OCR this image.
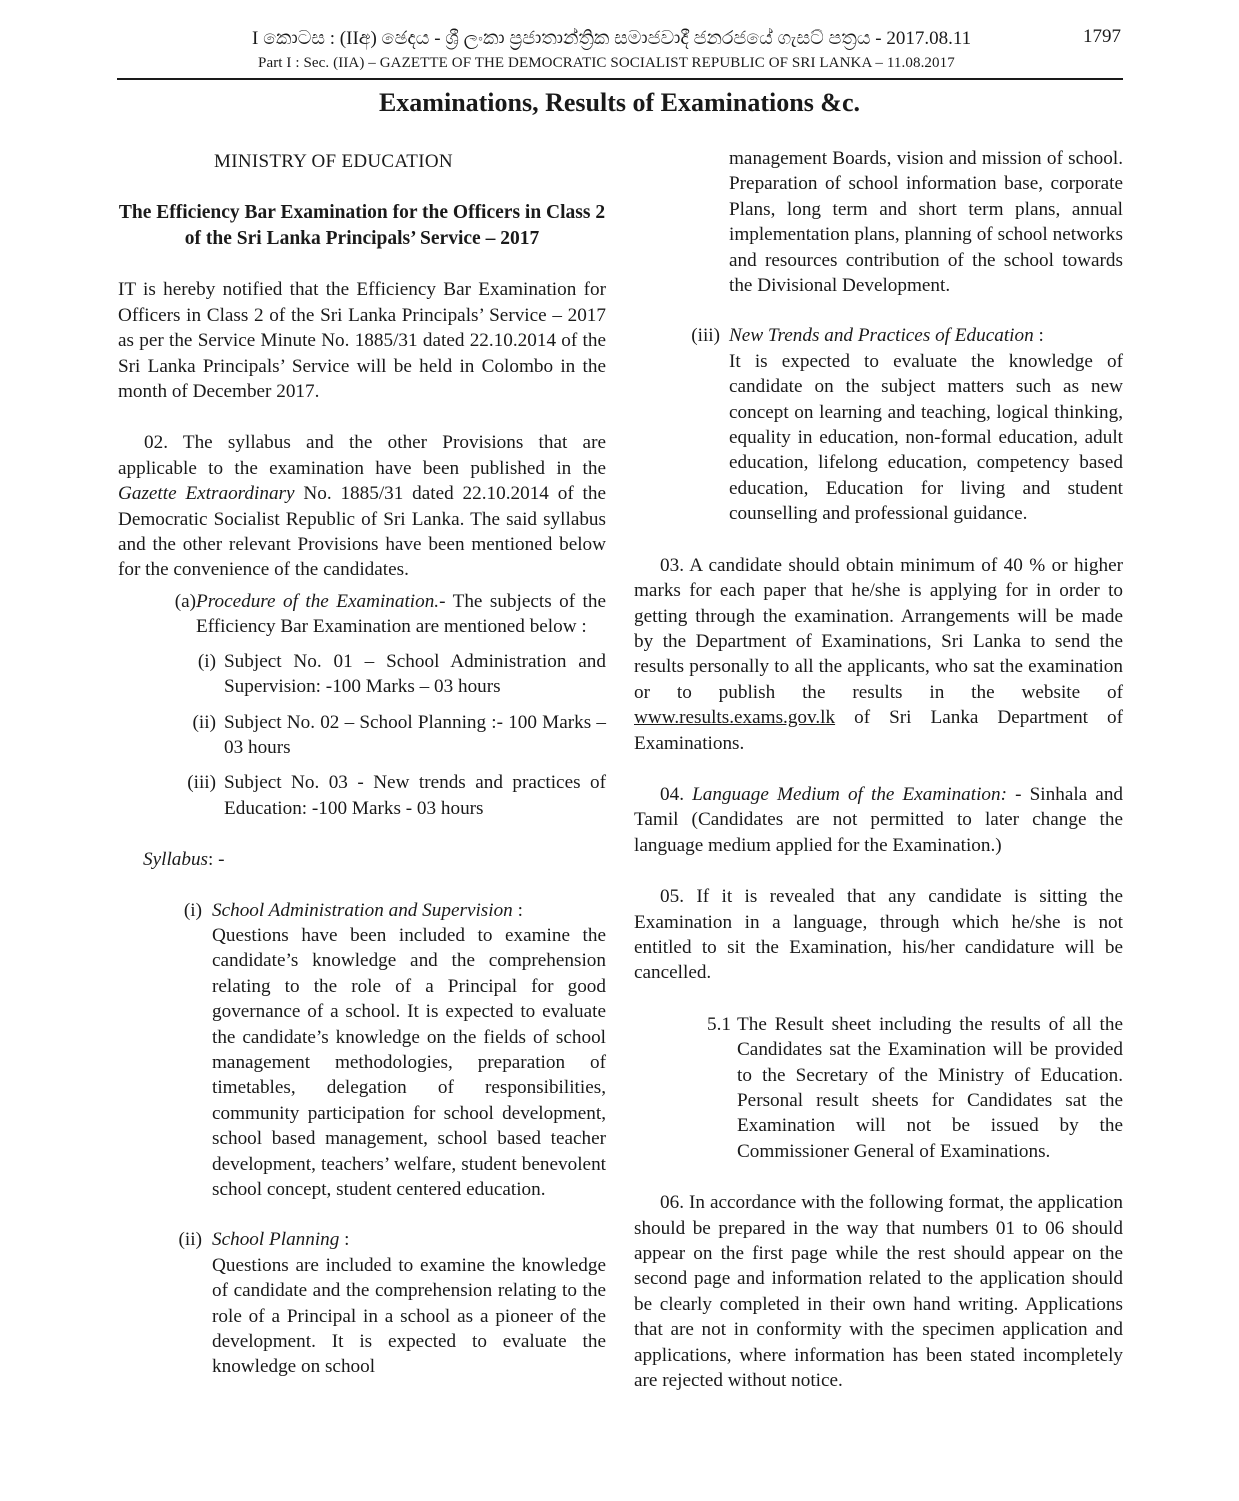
I කොටස : (IIඅ) ඡෙදය - ශ්‍රී ලංකා ප්‍රජාතාන්ත්‍රික සමාජවාදී ජනරජයේ ගැසට් පත්‍රය - 2017.08.11	1797
Part I : Sec. (IIA) – GAZETTE OF THE DEMOCRATIC SOCIALIST REPUBLIC OF SRI LANKA – 11.08.2017
Examinations, Results of Examinations &c.

MINISTRY OF EDUCATION

The Efficiency Bar Examination for the Officers in Class 2 of the Sri Lanka Principals’ Service – 2017

IT is hereby notified that the Efficiency Bar Examination for Officers in Class 2 of the Sri Lanka Principals’ Service – 2017 as per the Service Minute No. 1885/31 dated 22.10.2014 of the Sri Lanka Principals’ Service will be held in Colombo in the month of December 2017.

02. The syllabus and the other Provisions that are applicable to the examination have been published in the Gazette Extraordinary No. 1885/31 dated 22.10.2014 of the Democratic Socialist Republic of Sri Lanka. The said syllabus and the other relevant Provisions have been mentioned below for the convenience of the candidates.

(a) Procedure of the Examination.- The subjects of the Efficiency Bar Examination are mentioned below :

(i) Subject No. 01 – School Administration and Supervision: -100 Marks – 03 hours

(ii) Subject No. 02 – School Planning :- 100 Marks – 03 hours

(iii) Subject No. 03 - New trends and practices of Education: -100 Marks - 03 hours

Syllabus: -

(i) School Administration and Supervision :

Questions have been included to examine the candidate’s knowledge and the comprehension relating to the role of a Principal for good governance of a school. It is expected to evaluate the candidate’s knowledge on the fields of school management methodologies, preparation of timetables, delegation of responsibilities, community participation for school development, school based management, school based teacher development, teachers’ welfare, student benevolent school concept, student centered education.

(ii) School Planning :

Questions are included to examine the knowledge of candidate and the comprehension relating to the role of a Principal in a school as a pioneer of the development. It is expected to evaluate the knowledge on school

management Boards, vision and mission of school. Preparation of school information base, corporate Plans, long term and short term plans, annual implementation plans, planning of school networks and resources contribution of the school towards the Divisional Development.

(iii) New Trends and Practices of Education :

It is expected to evaluate the knowledge of candidate on the subject matters such as new concept on learning and teaching, logical thinking, equality in education, non-formal education, adult education, lifelong education, competency based education, Education for living and student counselling and professional guidance.

03. A candidate should obtain minimum of 40 % or higher marks for each paper that he/she is applying for in order to getting through the examination. Arrangements will be made by the Department of Examinations, Sri Lanka to send the results personally to all the applicants, who sat the examination or to publish the results in the website of www.results.exams.gov.lk of Sri Lanka Department of Examinations.

04. Language Medium of the Examination: - Sinhala and Tamil (Candidates are not permitted to later change the language medium applied for the Examination.)

05. If it is revealed that any candidate is sitting the Examination in a language, through which he/she is not entitled to sit the Examination, his/her candidature will be cancelled.

5.1 The Result sheet including the results of all the Candidates sat the Examination will be provided to the Secretary of the Ministry of Education. Personal result sheets for Candidates sat the Examination will not be issued by the Commissioner General of Examinations.

06. In accordance with the following format, the application should be prepared in the way that numbers 01 to 06 should appear on the first page while the rest should appear on the second page and information related to the application should be clearly completed in their own hand writing. Applications that are not in conformity with the specimen application and applications, where information has been stated incompletely are rejected without notice.
